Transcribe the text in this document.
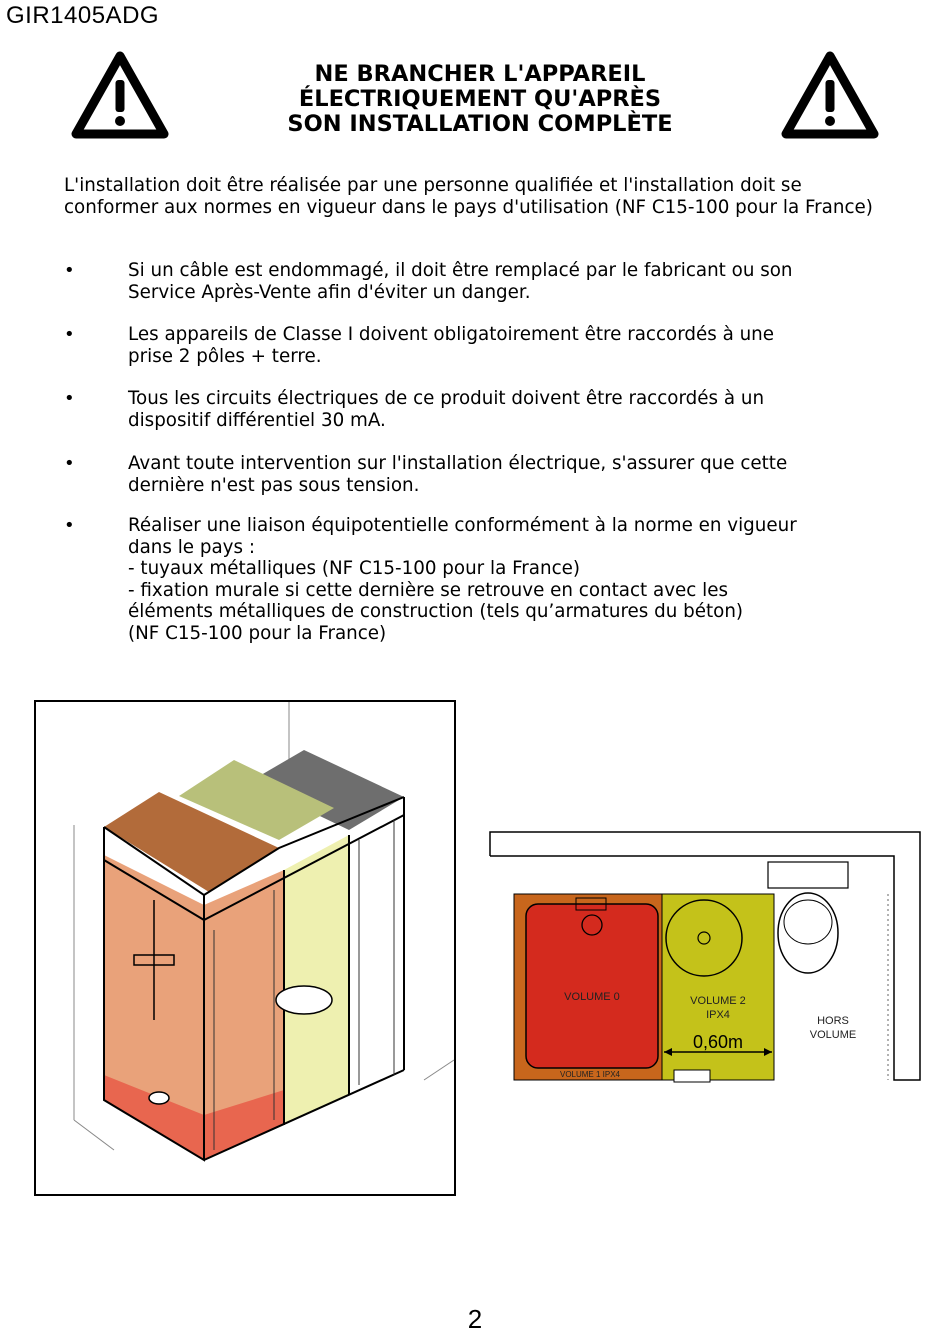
GIR1405ADG
NE BRANCHER L'APPAREIL
ÉLECTRIQUEMENT QU'APRÈS
SON INSTALLATION COMPLÈTE
L'installation doit être réalisée par une personne qualifiée et l'installation doit se conformer aux normes en vigueur dans le pays d'utilisation (NF C15-100 pour la France)
•	Si un câble est endommagé, il doit être remplacé par le fabricant ou son

Service Après-Vente afin d'éviter un danger.

•	Les appareils de Classe I doivent obligatoirement être raccordés à une

prise 2 pôles + terre.

•	Tous les circuits électriques de ce produit doivent être raccordés à un

dispositif différentiel 30 mA.

•	Avant toute intervention sur l'installation électrique, s'assurer que cette

dernière n'est pas sous tension.

•	Réaliser une liaison équipotentielle conformément à la norme en vigueur

dans le pays :

- tuyaux métalliques (NF C15-100 pour la France)

- fixation murale si cette dernière se retrouve en contact avec les

éléments métalliques de construction (tels qu’armatures du béton)

(NF C15-100 pour la France)

VOLUME 0
VOLUME 1 IPX4
VOLUME 2
IPX4
0,60m
HORS
VOLUME
2
